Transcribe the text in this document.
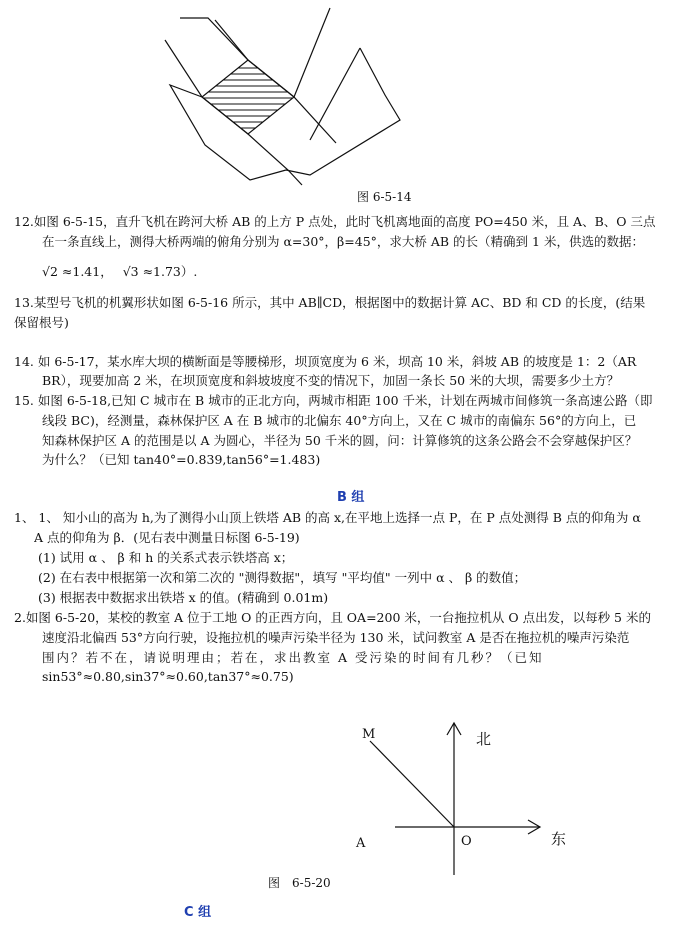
图 6-5-14
12.如图 6-5-15，直升飞机在跨河大桥 AB 的上方 P 点处，此时飞机离地面的高度 PO=450 米，且 A、B、O 三点
在一条直线上，测得大桥两端的俯角分别为 α=30°，β=45°，求大桥 AB 的长（精确到 1 米，供选的数据：
√2 ≈1.41， √3 ≈1.73）.
13.某型号飞机的机翼形状如图 6-5-16 所示，其中 AB∥CD，根据图中的数据计算 AC、BD 和 CD 的长度，(结果
保留根号)
14. 如 6-5-17，某水库大坝的横断面是等腰梯形，坝顶宽度为 6 米，坝高 10 米，斜坡 AB 的坡度是 1：2（AR
BR），现要加高 2 米，在坝顶宽度和斜坡坡度不变的情况下，加固一条长 50 米的大坝，需要多少土方？
15. 如图 6-5-18,已知 C 城市在 B 城市的正北方向，两城市相距 100 千米，计划在两城市间修筑一条高速公路（即
线段 BC)，经测量，森林保护区 A 在 B 城市的北偏东 40°方向上，又在 C 城市的南偏东 56°的方向上，已
知森林保护区 A 的范围是以 A 为圆心，半径为 50 千米的圆，问：计算修筑的这条公路会不会穿越保护区？
为什么？（已知 tan40°=0.839,tan56°=1.483)
B 组
1、 1、 知小山的高为 h,为了测得小山顶上铁塔 AB 的高 x,在平地上选择一点 P，在 P 点处测得 B 点的仰角为 α
A 点的仰角为 β．(见右表中测量日标图 6-5-19)
(1) 试用 α 、 β 和 h 的关系式表示铁塔高 x；
(2) 在右表中根据第一次和第二次的 "测得数据"，填写 "平均值" 一列中 α 、 β 的数值；
(3) 根据表中数据求出铁塔 x 的值。(精确到 0.01m)
2.如图 6-5-20，某校的教室 A 位于工地 O 的正西方向，且 OA=200 米，一台拖拉机从 O 点出发，以每秒 5 米的
速度沿北偏西 53°方向行驶，设拖拉机的噪声污染半径为 130 米，试问教室 A 是否在拖拉机的噪声污染范
围内？若不在，请说明理由；若在，求出教室 A 受污染的时间有几秒？（已知
sin53°≈0.80,sin37°≈0.60,tan37°≈0.75)
M	北
东
A	O
图　6-5-20
C 组
